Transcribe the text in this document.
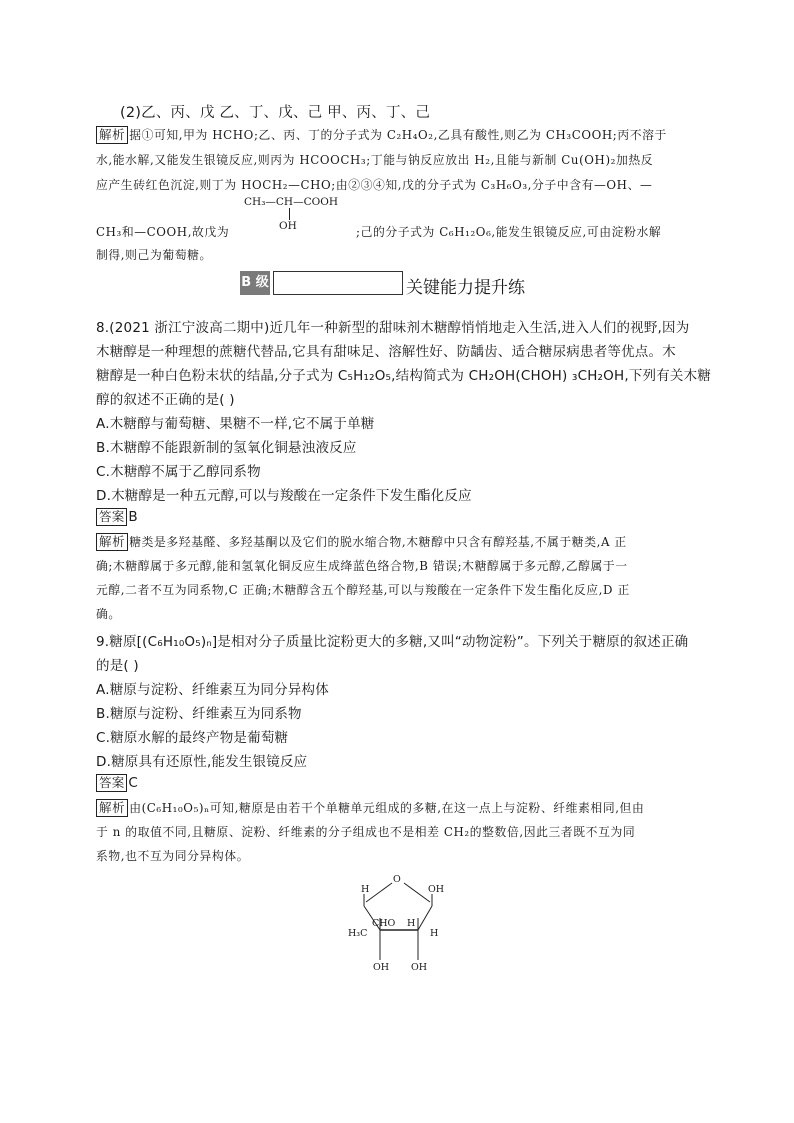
(2)乙、丙、戊 乙、丁、戊、己 甲、丙、丁、己
解析 据①可知,甲为 HCHO;乙、丙、丁的分子式为 C₂H₄O₂,乙具有酸性,则乙为 CH₃COOH;丙不溶于
水,能水解,又能发生银镜反应,则丙为 HCOOCH₃;丁能与钠反应放出 H₂,且能与新制 Cu(OH)₂加热反
应产生砖红色沉淀,则丁为 HOCH₂—CHO;由②③④知,戊的分子式为 C₃H₆O₃,分子中含有—OH、—
CH₃—CH—COOH
OH
CH₃和—COOH,故戊为	;己的分子式为 C₆H₁₂O₆,能发生银镜反应,可由淀粉水解
制得,则己为葡萄糖。
B 级	关键能力提升练
8.(2021 浙江宁波高二期中)近几年一种新型的甜味剂木糖醇悄悄地走入生活,进入人们的视野,因为
木糖醇是一种理想的蔗糖代替品,它具有甜味足、溶解性好、防龋齿、适合糖尿病患者等优点。木
糖醇是一种白色粉末状的结晶,分子式为 C₅H₁₂O₅,结构简式为 CH₂OH(CHOH) ₃CH₂OH,下列有关木糖
醇的叙述不正确的是( )
A.木糖醇与葡萄糖、果糖不一样,它不属于单糖
B.木糖醇不能跟新制的氢氧化铜悬浊液反应
C.木糖醇不属于乙醇同系物
D.木糖醇是一种五元醇,可以与羧酸在一定条件下发生酯化反应
答案 B
解析 糖类是多羟基醛、多羟基酮以及它们的脱水缩合物,木糖醇中只含有醇羟基,不属于糖类,A 正
确;木糖醇属于多元醇,能和氢氧化铜反应生成绛蓝色络合物,B 错误;木糖醇属于多元醇,乙醇属于一
元醇,二者不互为同系物,C 正确;木糖醇含五个醇羟基,可以与羧酸在一定条件下发生酯化反应,D 正
确。
9.糖原[(C₆H₁₀O₅)ₙ]是相对分子质量比淀粉更大的多糖,又叫“动物淀粉”。下列关于糖原的叙述正确
的是( )
A.糖原与淀粉、纤维素互为同分异构体
B.糖原与淀粉、纤维素互为同系物
C.糖原水解的最终产物是葡萄糖
D.糖原具有还原性,能发生银镜反应
答案 C
解析 由(C₆H₁₀O₅)ₙ可知,糖原是由若干个单糖单元组成的多糖,在这一点上与淀粉、纤维素相同,但由
于 n 的取值不同,且糖原、淀粉、纤维素的分子组成也不是相差 CH₂的整数倍,因此三者既不互为同
系物,也不互为同分异构体。
O
H	OH
H₃C
CHO H
H
OH OH
